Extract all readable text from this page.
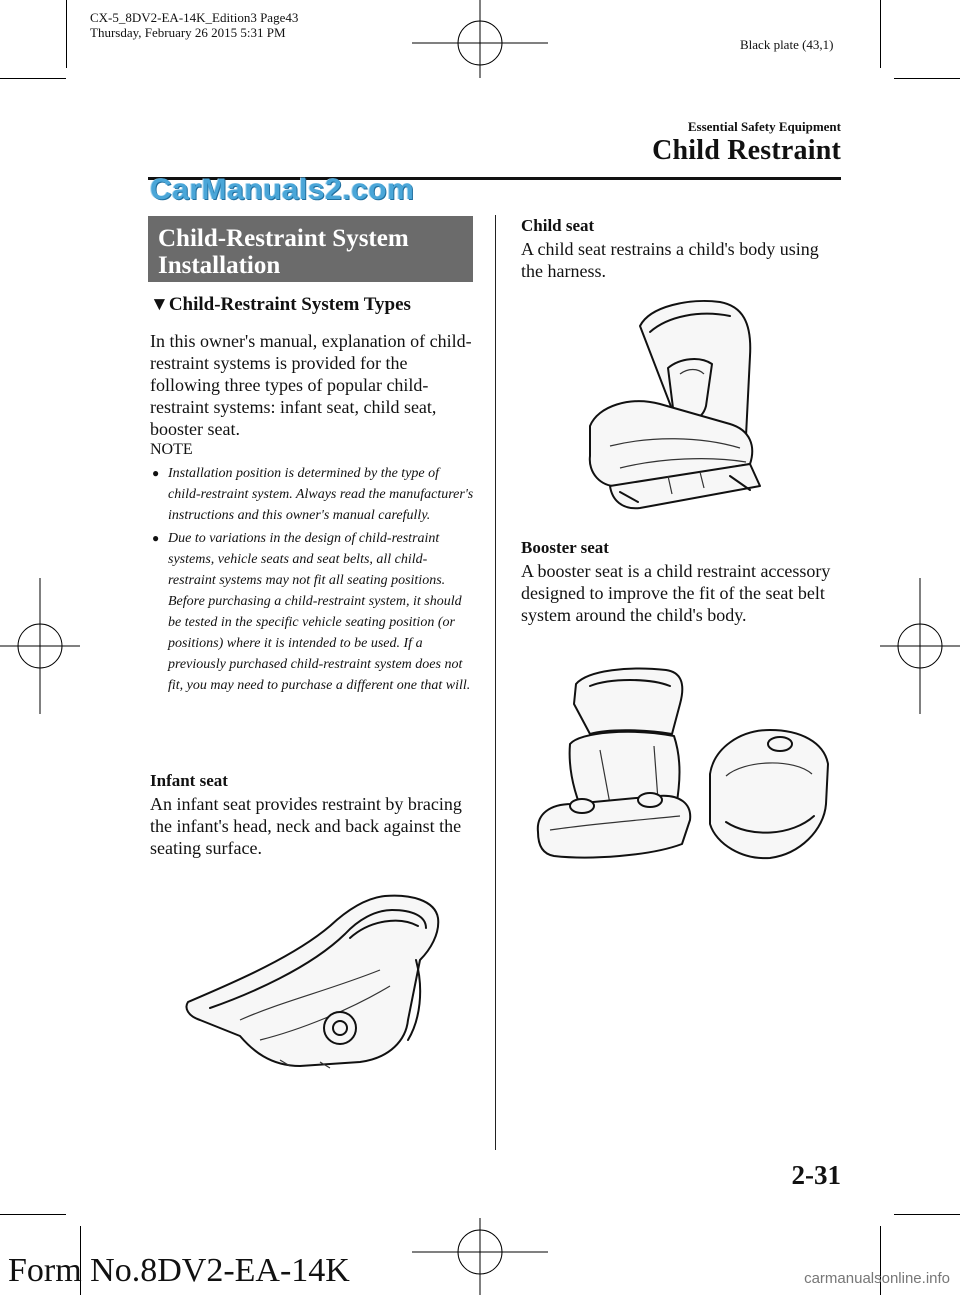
CX-5_8DV2-EA-14K_Edition3 Page43
Thursday, February 26 2015 5:31 PM
Black plate (43,1)
Essential Safety Equipment
Child Restraint
CarManuals2.com
Child-Restraint System
Installation
▼Child-Restraint System Types
In this owner's manual, explanation of child-restraint systems is provided for the following three types of popular child-restraint systems: infant seat, child seat, booster seat.
NOTE
● Installation position is determined by the type of child-restraint system. Always read the manufacturer's instructions and this owner's manual carefully.
● Due to variations in the design of child-restraint systems, vehicle seats and seat belts, all child-restraint systems may not fit all seating positions. Before purchasing a child-restraint system, it should be tested in the specific vehicle seating position (or positions) where it is intended to be used. If a previously purchased child-restraint system does not fit, you may need to purchase a different one that will.
Infant seat
An infant seat provides restraint by bracing the infant's head, neck and back against the seating surface.
Child seat
A child seat restrains a child's body using the harness.
Booster seat
A booster seat is a child restraint accessory designed to improve the fit of the seat belt system around the child's body.
2-31
Form No.8DV2-EA-14K	carmanualsonline.info
